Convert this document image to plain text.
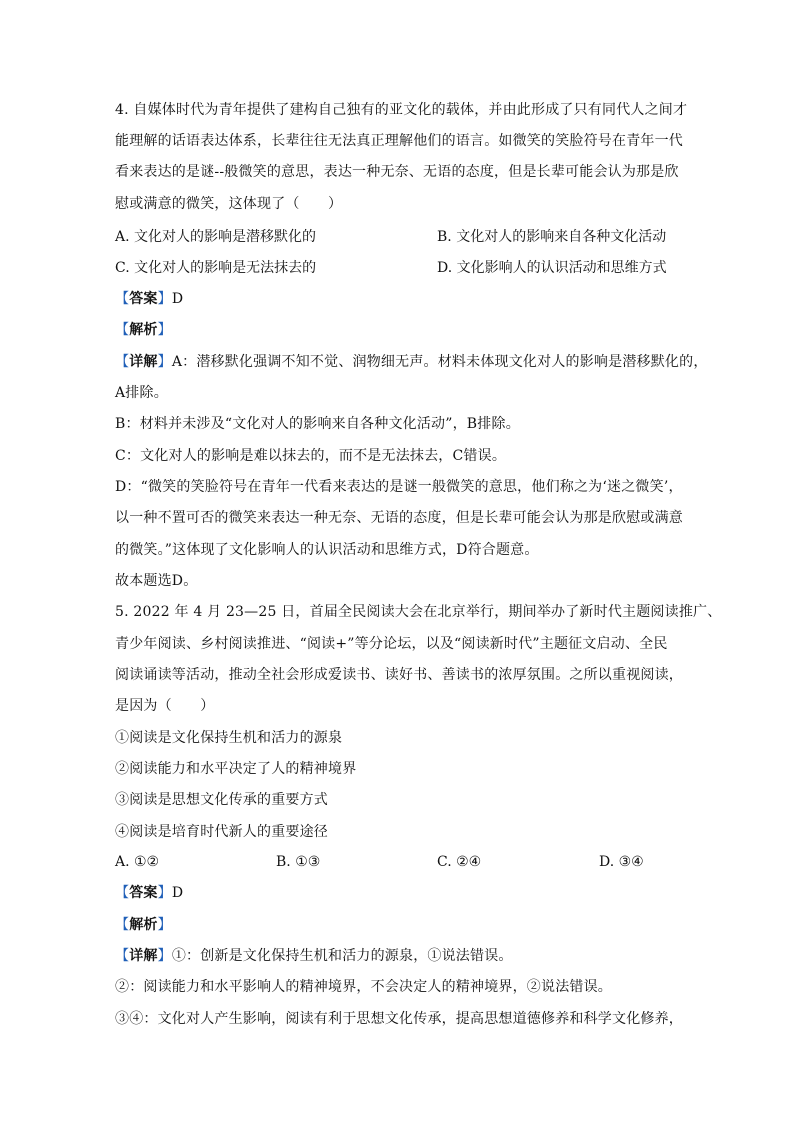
4. 自媒体时代为青年提供了建构自己独有的亚文化的载体，并由此形成了只有同代人之间才
能理解的话语表达体系，长辈往往无法真正理解他们的语言。如微笑的笑脸符号在青年一代
看来表达的是谜--般微笑的意思，表达一种无奈、无语的态度，但是长辈可能会认为那是欣
慰或满意的微笑，这体现了（　　）
A. 文化对人的影响是潜移默化的	B. 文化对人的影响来自各种文化活动
C. 文化对人的影响是无法抹去的	D. 文化影响人的认识活动和思维方式
【答案】D
【解析】
【详解】A：潜移默化强调不知不觉、润物细无声。材料未体现文化对人的影响是潜移默化的，
A排除。
B：材料并未涉及“文化对人的影响来自各种文化活动”，B排除。
C：文化对人的影响是难以抹去的，而不是无法抹去，C错误。
D：“微笑的笑脸符号在青年一代看来表达的是谜一般微笑的意思，他们称之为‘迷之微笑’，
以一种不置可否的微笑来表达一种无奈、无语的态度，但是长辈可能会认为那是欣慰或满意
的微笑。”这体现了文化影响人的认识活动和思维方式，D符合题意。
故本题选D。
5. 2022 年 4 月 23—25 日，首届全民阅读大会在北京举行，期间举办了新时代主题阅读推广、
青少年阅读、乡村阅读推进、“阅读+”等分论坛，以及“阅读新时代”主题征文启动、全民
阅读诵读等活动，推动全社会形成爱读书、读好书、善读书的浓厚氛围。之所以重视阅读，
是因为（　　）
①阅读是文化保持生机和活力的源泉
②阅读能力和水平决定了人的精神境界
③阅读是思想文化传承的重要方式
④阅读是培育时代新人的重要途径
A. ①②	B. ①③	C. ②④	D. ③④
【答案】D
【解析】
【详解】①：创新是文化保持生机和活力的源泉，①说法错误。
②：阅读能力和水平影响人的精神境界，不会决定人的精神境界，②说法错误。
③④：文化对人产生影响，阅读有利于思想文化传承，提高思想道德修养和科学文化修养，
